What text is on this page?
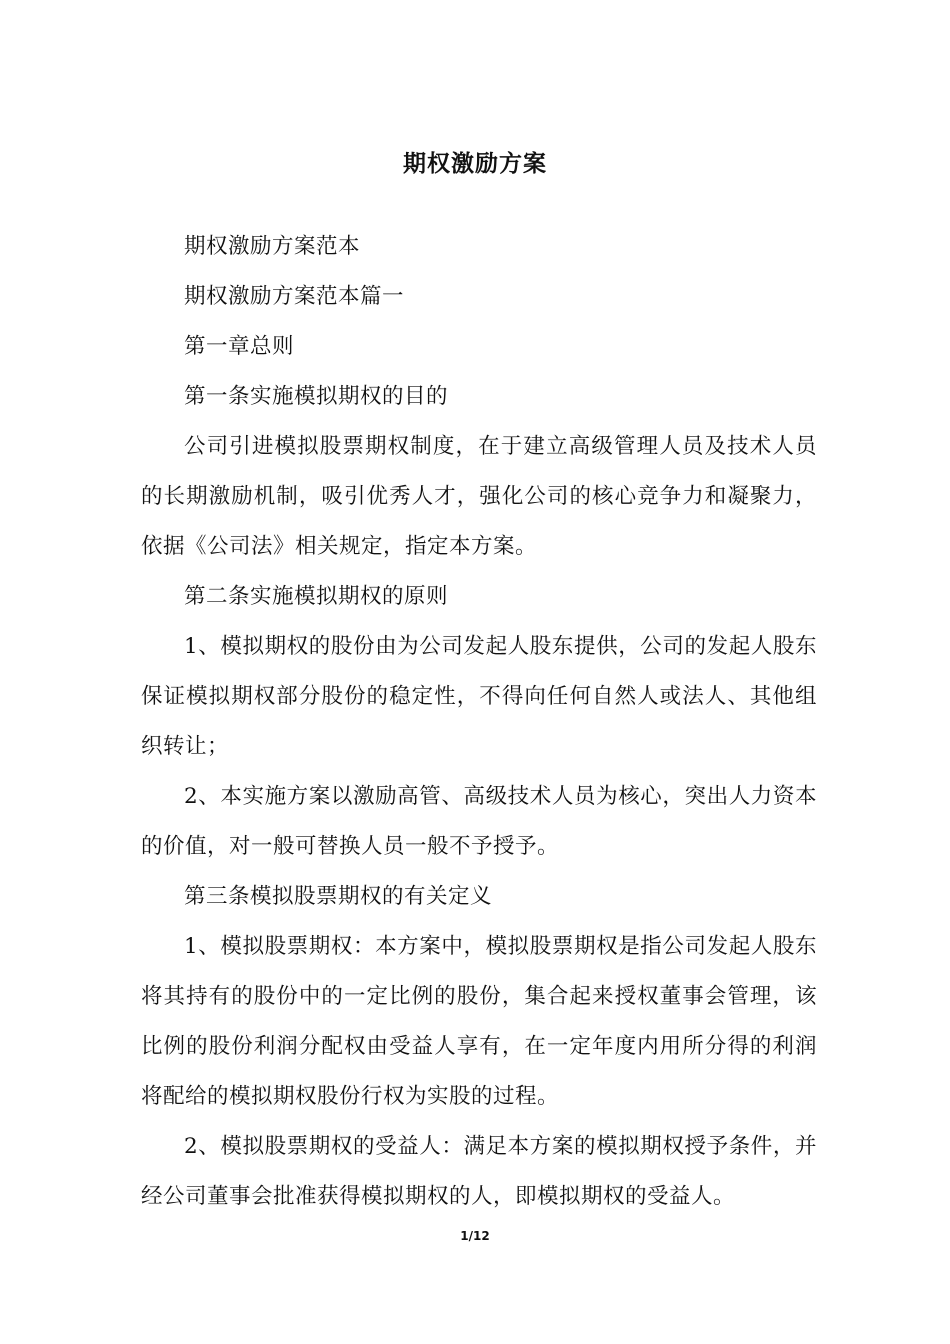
期权激励方案

期权激励方案范本

期权激励方案范本篇一

第一章总则

第一条实施模拟期权的目的

公司引进模拟股票期权制度，在于建立高级管理人员及技术人员的长期激励机制，吸引优秀人才，强化公司的核心竞争力和凝聚力，依据《公司法》相关规定，指定本方案。

第二条实施模拟期权的原则

1、模拟期权的股份由为公司发起人股东提供，公司的发起人股东保证模拟期权部分股份的稳定性，不得向任何自然人或法人、其他组织转让；

2、本实施方案以激励高管、高级技术人员为核心，突出人力资本的价值，对一般可替换人员一般不予授予。

第三条模拟股票期权的有关定义

1、模拟股票期权：本方案中，模拟股票期权是指公司发起人股东将其持有的股份中的一定比例的股份，集合起来授权董事会管理，该比例的股份利润分配权由受益人享有，在一定年度内用所分得的利润将配给的模拟期权股份行权为实股的过程。

2、模拟股票期权的受益人：满足本方案的模拟期权授予条件，并经公司董事会批准获得模拟期权的人，即模拟期权的受益人。

1/12
